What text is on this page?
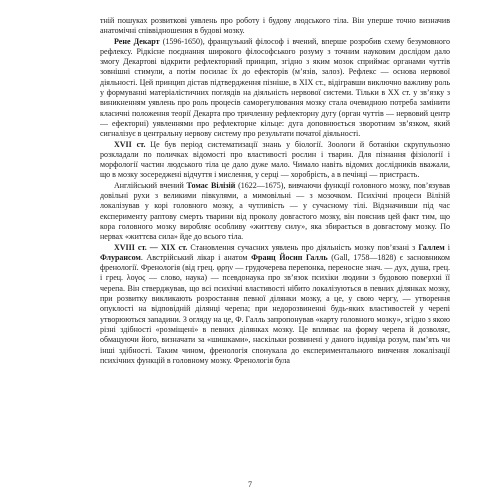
тній пошуках розвиткові уявлень про роботу і будову людського тіла. Він уперше точно визначив анатомічні співвідношення в будові мозку.

Рене Декарт (1596-1650), французький філософ і вчений, вперше розробив схему безумовного рефлексу. Рідкісне поєднання широкого філософського розуму з точним науковим дослідом дало змогу Декартові відкрити рефлекторний принцип, згідно з яким мозок сприймає органами чуттів зовнішні стимули, а потім посилає їх до ефекторів (м’язів, залоз). Рефлекс — основа нервової діяльності. Цей принцип дістав підтвердження пізніше, в XIX ст., відігравши виключно важливу роль у формуванні матеріалістичних поглядів на діяльність нервової системи. Тільки в XX ст. у зв’язку з виникненням уявлень про роль процесів саморегулювання мозку стала очевидною потреба замінити класичні положення теорії Декарта про тричленну рефлекторну дугу (орган чуттів — нервовий центр — ефекторні) уявленнями про рефлекторне кільце: дуга доповнюється зворотним зв’язком, який сигналізує в центральну нервову систему про результати початої діяльності.

XVII ст. Це був період систематизації знань у біології. Зоологи й ботаніки скрупульозно розкладали по поличках відомості про властивості рослин і тварин. Для пізнання фізіології і морфології частин людського тіла це дало дуже мало. Чимало навіть відомих дослідників вважали, що в мозку зосереджені відчуття і мислення, у серці — хоробрість, а в печінці — пристрасть.

Англійський вчений Томас Вілізій (1622—1675), вивчаючи функції головного мозку, пов’язував довільні рухи з великими півкулями, а мимовільні — з мозочком. Психічні процеси Вілізій локалізував у корі головного мозку, а чутливість — у сучасному тілі. Відзначивши під час експерименту раптову смерть тварини від проколу довгастого мозку, він пояснив цей факт тим, що кора головного мозку виробляє особливу «життєву силу», яка збирається в довгастому мозку. По нервах «життєва сила» йде до всього тіла.

XVIII ст. — XIX ст. Становлення сучасних уявлень про діяльність мозку пов’язані з Галлем і Флурансом. Австрійський лікар і анатом Франц Йосип Галль (Gall, 1758—1828) є засновником френології. Френологія (від грец. φρην — грудочерева перепонка, переносне знач. — дух, душа, грец. і грец. λογος — слово, наука) — псевдонаука про зв’язок психіки людини з будовою поверхні її черепа. Він стверджував, що всі психічні властивості нібито локалізуються в певних ділянках мозку, при розвитку викликають розростання певної ділянки мозку, а це, у свою чергу, — утворення опуклості на відповідній ділянці черепа; при недорозвиненні будь-яких властивостей у черепі утворюються западини. З огляду на це, Ф. Галль запропонував «карту головного мозку», згідно з якою різні здібності «розміщені» в певних ділянках мозку. Це впливає на форму черепа й дозволяє, обмацуючи його, визначати за «шишками», наскільки розвинені у даного індивіда розум, пам’ять чи інші здібності. Таким чином, френологія спонукала до експериментального вивчення локалізації психічних функцій в головному мозку. Френологія була

7
